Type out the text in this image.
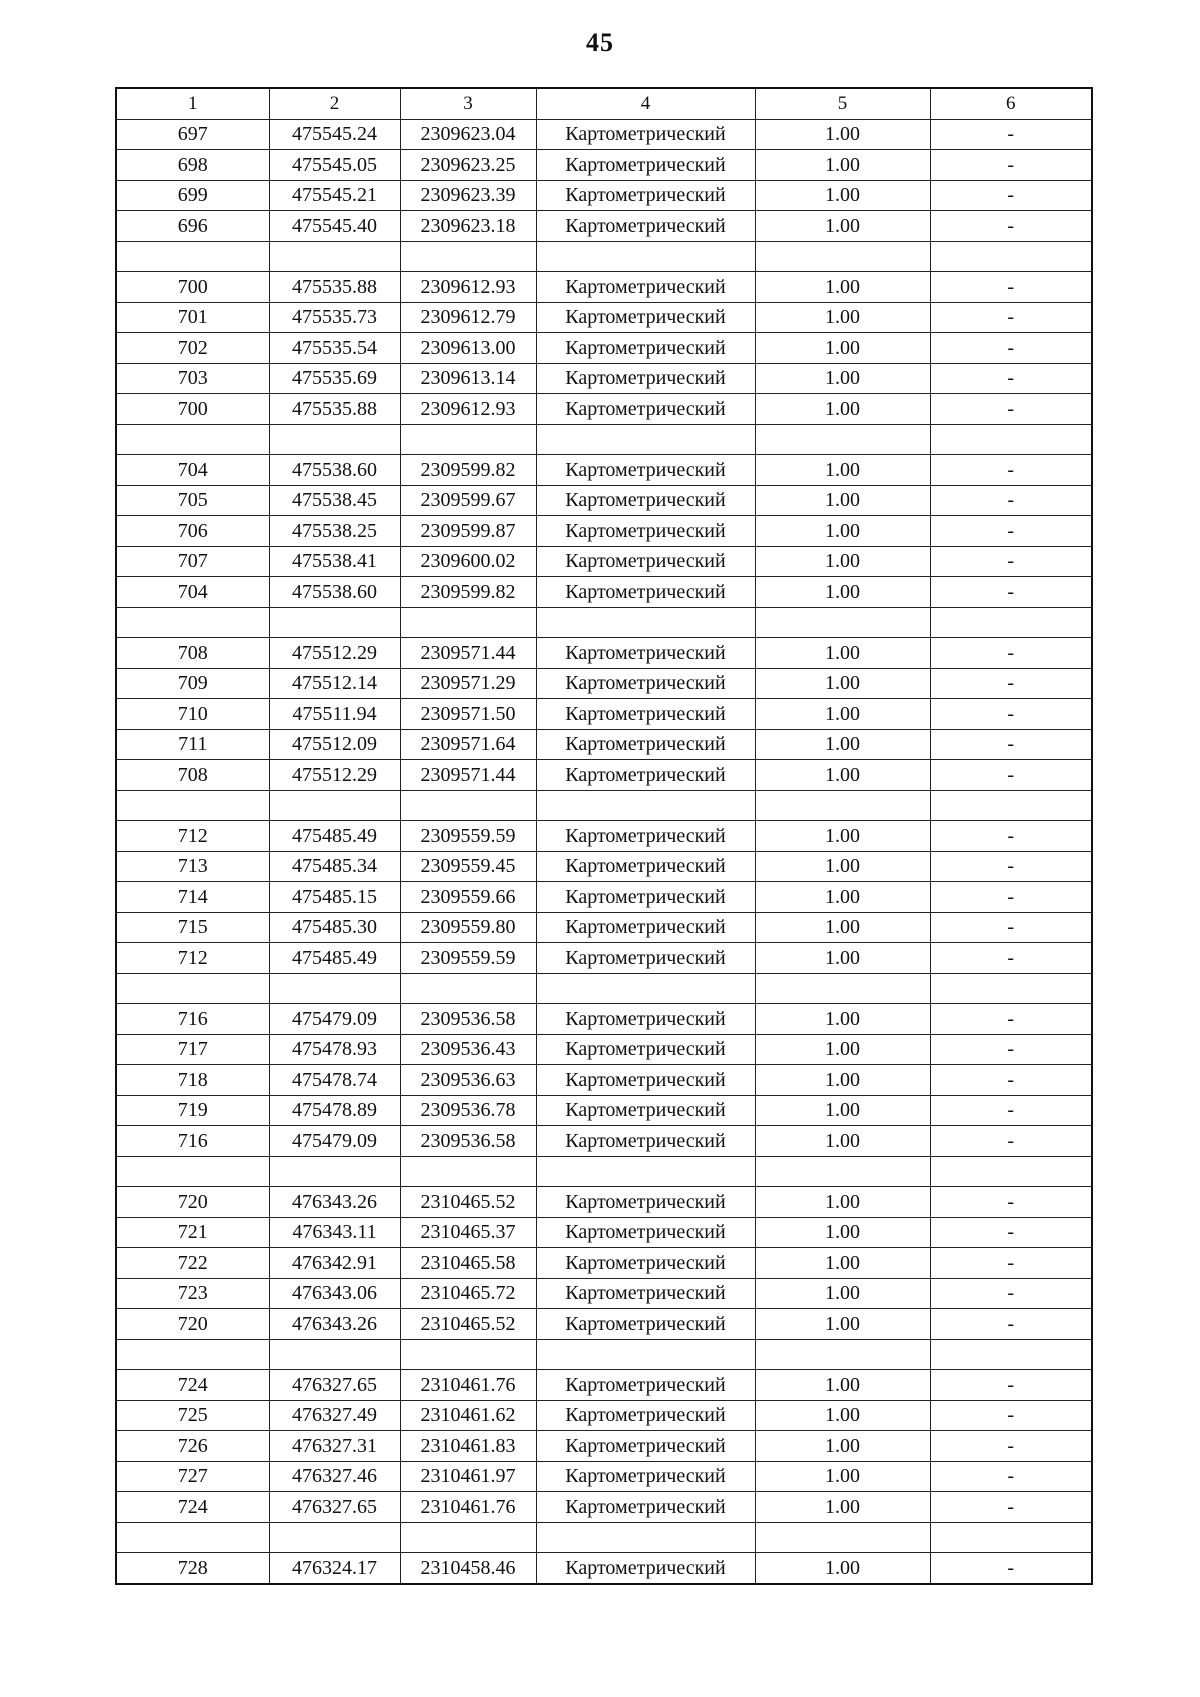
45
1	2	3	4	5	6
697	475545.24	2309623.04	Картометрический	1.00	-
698	475545.05	2309623.25	Картометрический	1.00	-
699	475545.21	2309623.39	Картометрический	1.00	-
696	475545.40	2309623.18	Картометрический	1.00	-

700	475535.88	2309612.93	Картометрический	1.00	-
701	475535.73	2309612.79	Картометрический	1.00	-
702	475535.54	2309613.00	Картометрический	1.00	-
703	475535.69	2309613.14	Картометрический	1.00	-
700	475535.88	2309612.93	Картометрический	1.00	-

704	475538.60	2309599.82	Картометрический	1.00	-
705	475538.45	2309599.67	Картометрический	1.00	-
706	475538.25	2309599.87	Картометрический	1.00	-
707	475538.41	2309600.02	Картометрический	1.00	-
704	475538.60	2309599.82	Картометрический	1.00	-

708	475512.29	2309571.44	Картометрический	1.00	-
709	475512.14	2309571.29	Картометрический	1.00	-
710	475511.94	2309571.50	Картометрический	1.00	-
711	475512.09	2309571.64	Картометрический	1.00	-
708	475512.29	2309571.44	Картометрический	1.00	-

712	475485.49	2309559.59	Картометрический	1.00	-
713	475485.34	2309559.45	Картометрический	1.00	-
714	475485.15	2309559.66	Картометрический	1.00	-
715	475485.30	2309559.80	Картометрический	1.00	-
712	475485.49	2309559.59	Картометрический	1.00	-

716	475479.09	2309536.58	Картометрический	1.00	-
717	475478.93	2309536.43	Картометрический	1.00	-
718	475478.74	2309536.63	Картометрический	1.00	-
719	475478.89	2309536.78	Картометрический	1.00	-
716	475479.09	2309536.58	Картометрический	1.00	-

720	476343.26	2310465.52	Картометрический	1.00	-
721	476343.11	2310465.37	Картометрический	1.00	-
722	476342.91	2310465.58	Картометрический	1.00	-
723	476343.06	2310465.72	Картометрический	1.00	-
720	476343.26	2310465.52	Картометрический	1.00	-

724	476327.65	2310461.76	Картометрический	1.00	-
725	476327.49	2310461.62	Картометрический	1.00	-
726	476327.31	2310461.83	Картометрический	1.00	-
727	476327.46	2310461.97	Картометрический	1.00	-
724	476327.65	2310461.76	Картометрический	1.00	-

728	476324.17	2310458.46	Картометрический	1.00	-
